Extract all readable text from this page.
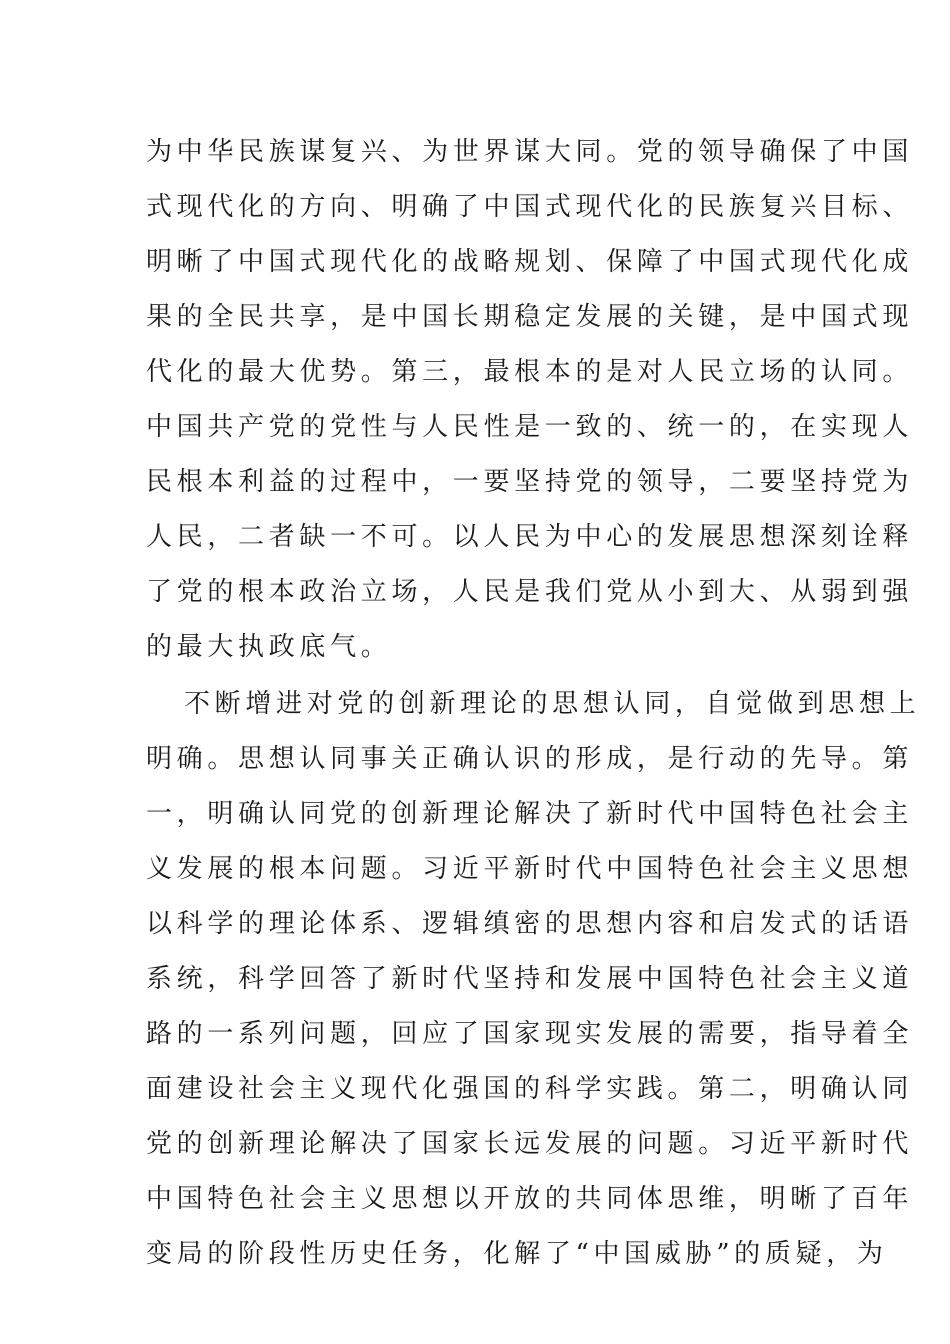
为中华民族谋复兴、为世界谋大同。党的领导确保了中国

式现代化的方向、明确了中国式现代化的民族复兴目标、

明晰了中国式现代化的战略规划、保障了中国式现代化成

果的全民共享，是中国长期稳定发展的关键，是中国式现

代化的最大优势。第三，最根本的是对人民立场的认同。

中国共产党的党性与人民性是一致的、统一的，在实现人

民根本利益的过程中，一要坚持党的领导，二要坚持党为

人民，二者缺一不可。以人民为中心的发展思想深刻诠释

了党的根本政治立场，人民是我们党从小到大、从弱到强

的最大执政底气。

不断增进对党的创新理论的思想认同，自觉做到思想上

明确。思想认同事关正确认识的形成，是行动的先导。第

一，明确认同党的创新理论解决了新时代中国特色社会主

义发展的根本问题。习近平新时代中国特色社会主义思想

以科学的理论体系、逻辑缜密的思想内容和启发式的话语

系统，科学回答了新时代坚持和发展中国特色社会主义道

路的一系列问题，回应了国家现实发展的需要，指导着全

面建设社会主义现代化强国的科学实践。第二，明确认同

党的创新理论解决了国家长远发展的问题。习近平新时代

中国特色社会主义思想以开放的共同体思维，明晰了百年

变局的阶段性历史任务，化解了“中国威胁”的质疑，为
